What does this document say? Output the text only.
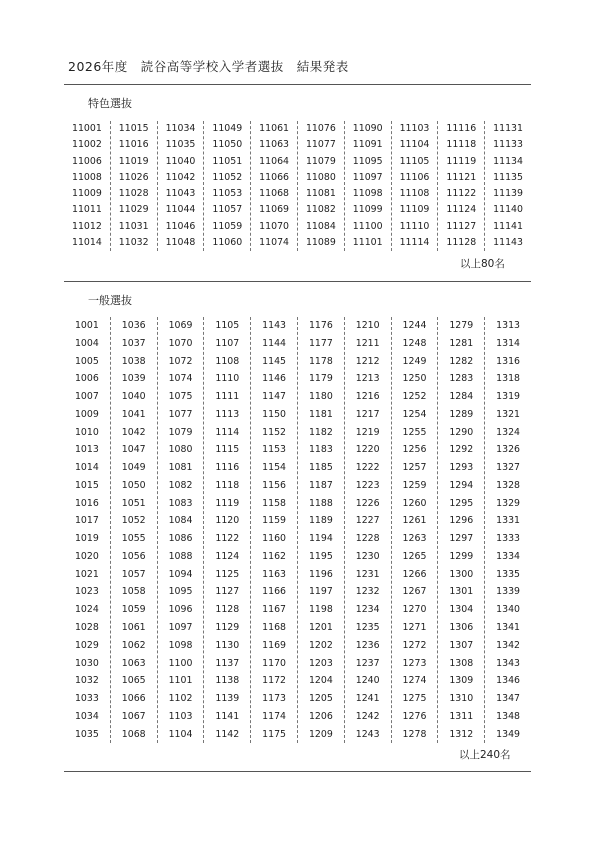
2026年度　読谷高等学校入学者選抜　結果発表
特色選抜
11001
11002
11006
11008
11009
11011
11012
11014
11015
11016
11019
11026
11028
11029
11031
11032
11034
11035
11040
11042
11043
11044
11046
11048
11049
11050
11051
11052
11053
11057
11059
11060
11061
11063
11064
11066
11068
11069
11070
11074
11076
11077
11079
11080
11081
11082
11084
11089
11090
11091
11095
11097
11098
11099
11100
11101
11103
11104
11105
11106
11108
11109
11110
11114
11116
11118
11119
11121
11122
11124
11127
11128
11131
11133
11134
11135
11139
11140
11141
11143
以上80名
一般選抜
1001
1004
1005
1006
1007
1009
1010
1013
1014
1015
1016
1017
1019
1020
1021
1023
1024
1028
1029
1030
1032
1033
1034
1035
1036
1037
1038
1039
1040
1041
1042
1047
1049
1050
1051
1052
1055
1056
1057
1058
1059
1061
1062
1063
1065
1066
1067
1068
1069
1070
1072
1074
1075
1077
1079
1080
1081
1082
1083
1084
1086
1088
1094
1095
1096
1097
1098
1100
1101
1102
1103
1104
1105
1107
1108
1110
1111
1113
1114
1115
1116
1118
1119
1120
1122
1124
1125
1127
1128
1129
1130
1137
1138
1139
1141
1142
1143
1144
1145
1146
1147
1150
1152
1153
1154
1156
1158
1159
1160
1162
1163
1166
1167
1168
1169
1170
1172
1173
1174
1175
1176
1177
1178
1179
1180
1181
1182
1183
1185
1187
1188
1189
1194
1195
1196
1197
1198
1201
1202
1203
1204
1205
1206
1209
1210
1211
1212
1213
1216
1217
1219
1220
1222
1223
1226
1227
1228
1230
1231
1232
1234
1235
1236
1237
1240
1241
1242
1243
1244
1248
1249
1250
1252
1254
1255
1256
1257
1259
1260
1261
1263
1265
1266
1267
1270
1271
1272
1273
1274
1275
1276
1278
1279
1281
1282
1283
1284
1289
1290
1292
1293
1294
1295
1296
1297
1299
1300
1301
1304
1306
1307
1308
1309
1310
1311
1312
1313
1314
1316
1318
1319
1321
1324
1326
1327
1328
1329
1331
1333
1334
1335
1339
1340
1341
1342
1343
1346
1347
1348
1349
以上240名
